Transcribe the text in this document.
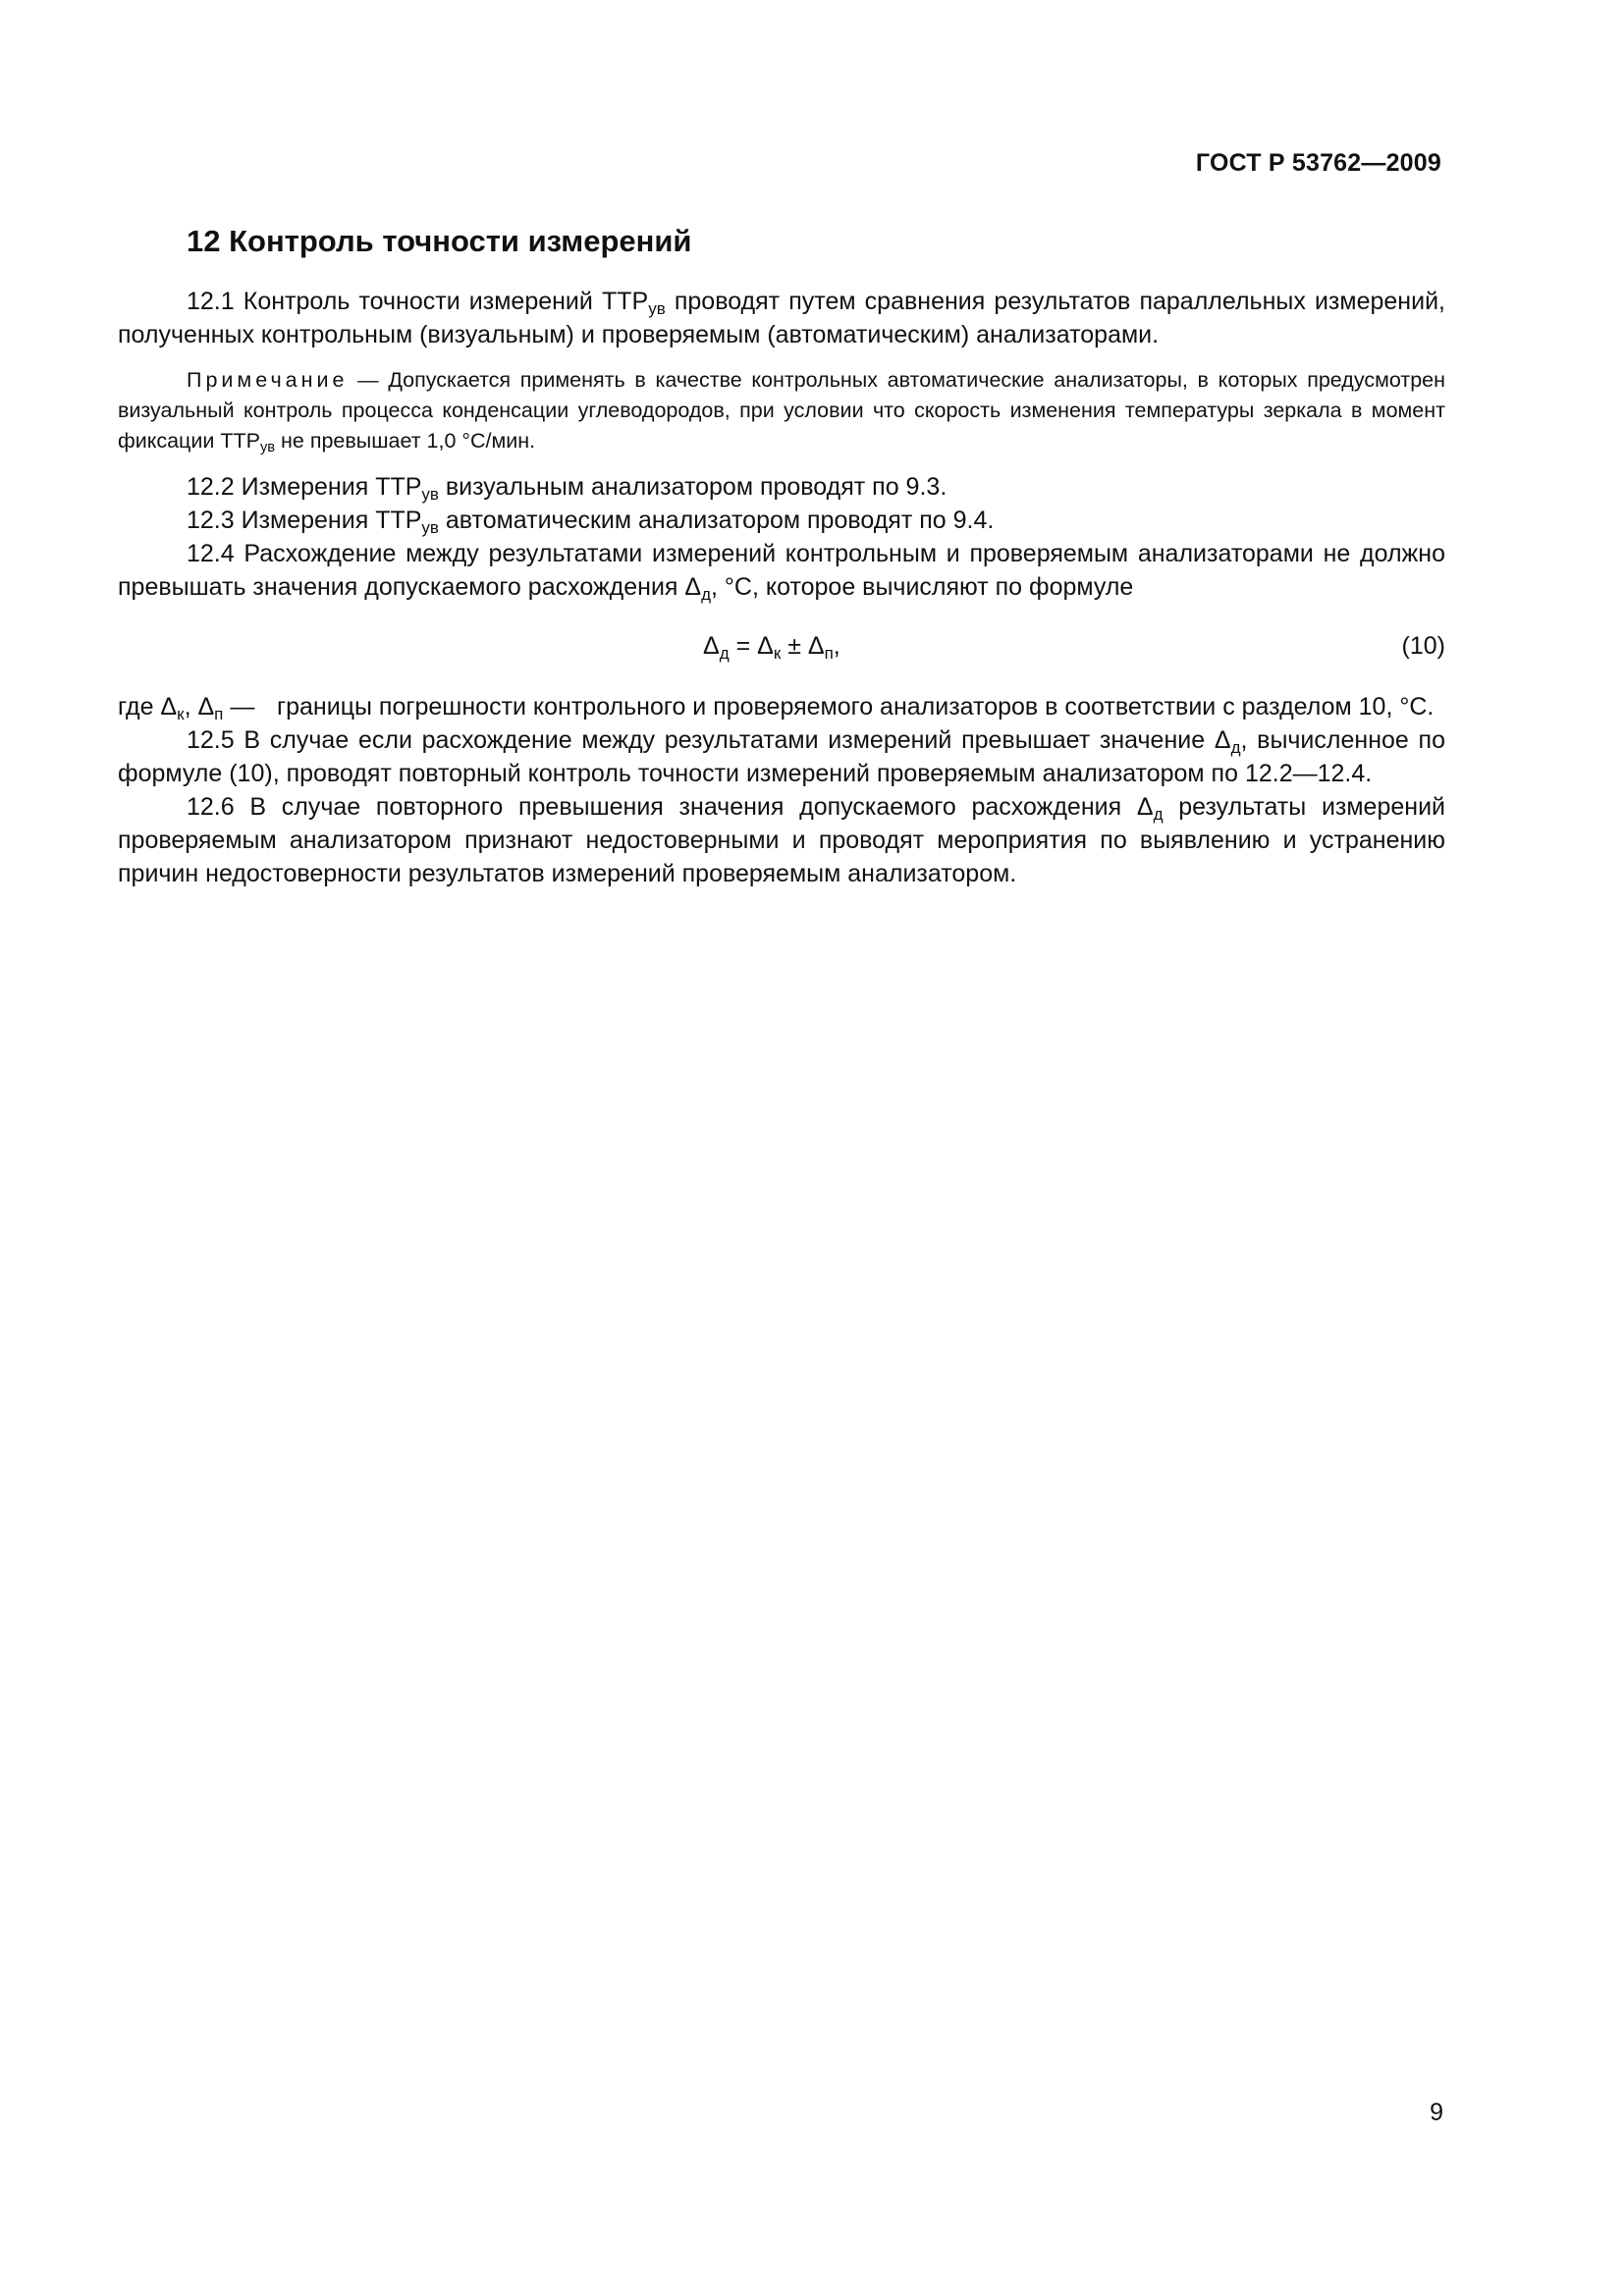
ГОСТ Р 53762—2009
12 Контроль точности измерений

12.1 Контроль точности измерений $ТТР_{ув}$ проводят путем сравнения результатов параллельных измерений, полученных контрольным (визуальным) и проверяемым (автоматическим) анализаторами.

Примечание — Допускается применять в качестве контрольных автоматические анализаторы, в которых предусмотрен визуальный контроль процесса конденсации углеводородов, при условии что скорость изменения температуры зеркала в момент фиксации $ТТР_{ув}$ не превышает 1,0 °С/мин.

12.2 Измерения $ТТР_{ув}$ визуальным анализатором проводят по 9.3.

12.3 Измерения $ТТР_{ув}$ автоматическим анализатором проводят по 9.4.

12.4 Расхождение между результатами измерений контрольным и проверяемым анализаторами не должно превышать значения допускаемого расхождения $\Delta_д$, °С, которое вычисляют по формуле

$\Delta_д = \Delta_к \pm \Delta_п$,	(10)

где $\Delta_к$, $\Delta_п$ — границы погрешности контрольного и проверяемого анализаторов в соответствии с разделом 10, °С.

12.5 В случае если расхождение между результатами измерений превышает значение $\Delta_д$, вычисленное по формуле (10), проводят повторный контроль точности измерений проверяемым анализатором по 12.2—12.4.

12.6 В случае повторного превышения значения допускаемого расхождения $\Delta_д$ результаты измерений проверяемым анализатором признают недостоверными и проводят мероприятия по выявлению и устранению причин недостоверности результатов измерений проверяемым анализатором.

9
